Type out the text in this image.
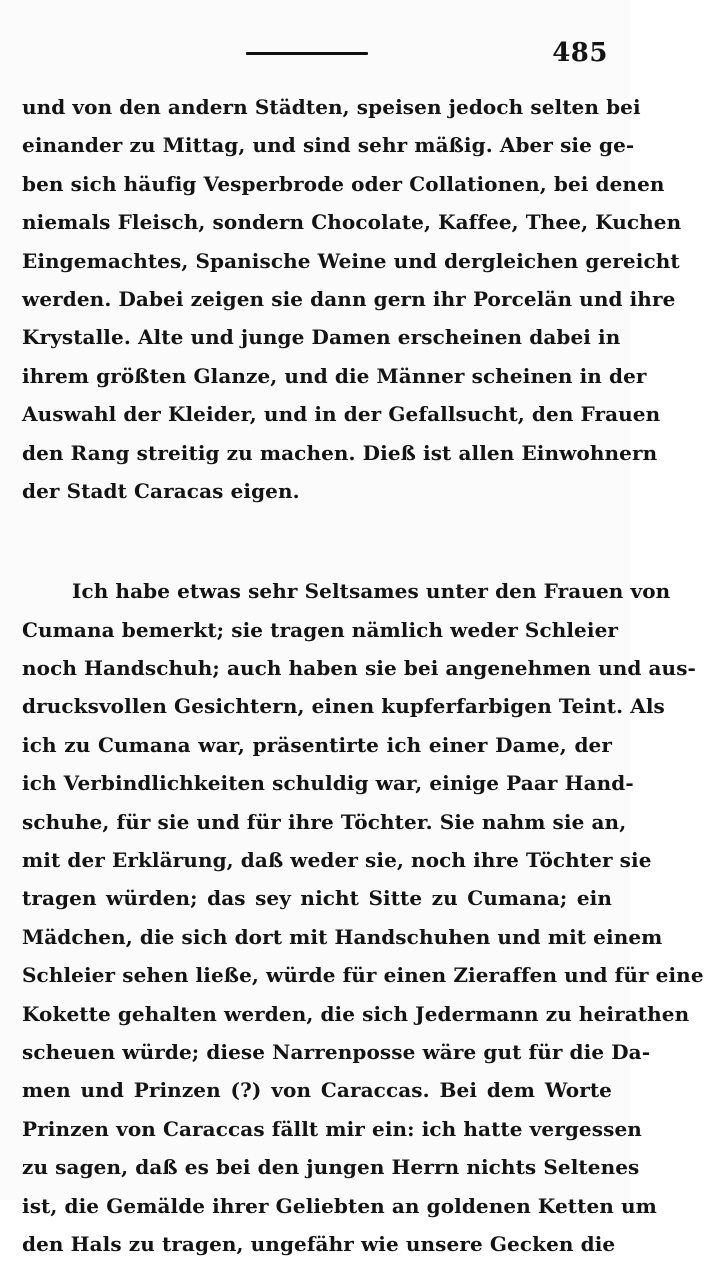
485
und von den andern Städten, speisen jedoch selten bei
einander zu Mittag, und sind sehr mäßig. Aber sie ge-
ben sich häufig Vesperbrode oder Collationen, bei denen
niemals Fleisch, sondern Chocolate, Kaffee, Thee, Kuchen
Eingemachtes, Spanische Weine und dergleichen gereicht
werden. Dabei zeigen sie dann gern ihr Porcelän und ihre
Krystalle. Alte und junge Damen erscheinen dabei in
ihrem größten Glanze, und die Männer scheinen in der
Auswahl der Kleider, und in der Gefallsucht, den Frauen
den Rang streitig zu machen. Dieß ist allen Einwohnern
der Stadt Caracas eigen.
Ich habe etwas sehr Seltsames unter den Frauen von
Cumana bemerkt; sie tragen nämlich weder Schleier
noch Handschuh; auch haben sie bei angenehmen und aus-
drucksvollen Gesichtern, einen kupferfarbigen Teint. Als
ich zu Cumana war, präsentirte ich einer Dame, der
ich Verbindlichkeiten schuldig war, einige Paar Hand-
schuhe, für sie und für ihre Töchter. Sie nahm sie an,
mit der Erklärung, daß weder sie, noch ihre Töchter sie
tragen würden; das sey nicht Sitte zu Cumana; ein
Mädchen, die sich dort mit Handschuhen und mit einem
Schleier sehen ließe, würde für einen Zieraffen und für eine
Kokette gehalten werden, die sich Jedermann zu heirathen
scheuen würde; diese Narrenposse wäre gut für die Da-
men und Prinzen (?) von Caraccas. Bei dem Worte
Prinzen von Caraccas fällt mir ein: ich hatte vergessen
zu sagen, daß es bei den jungen Herrn nichts Seltenes
ist, die Gemälde ihrer Geliebten an goldenen Ketten um
den Hals zu tragen, ungefähr wie unsere Gecken die
